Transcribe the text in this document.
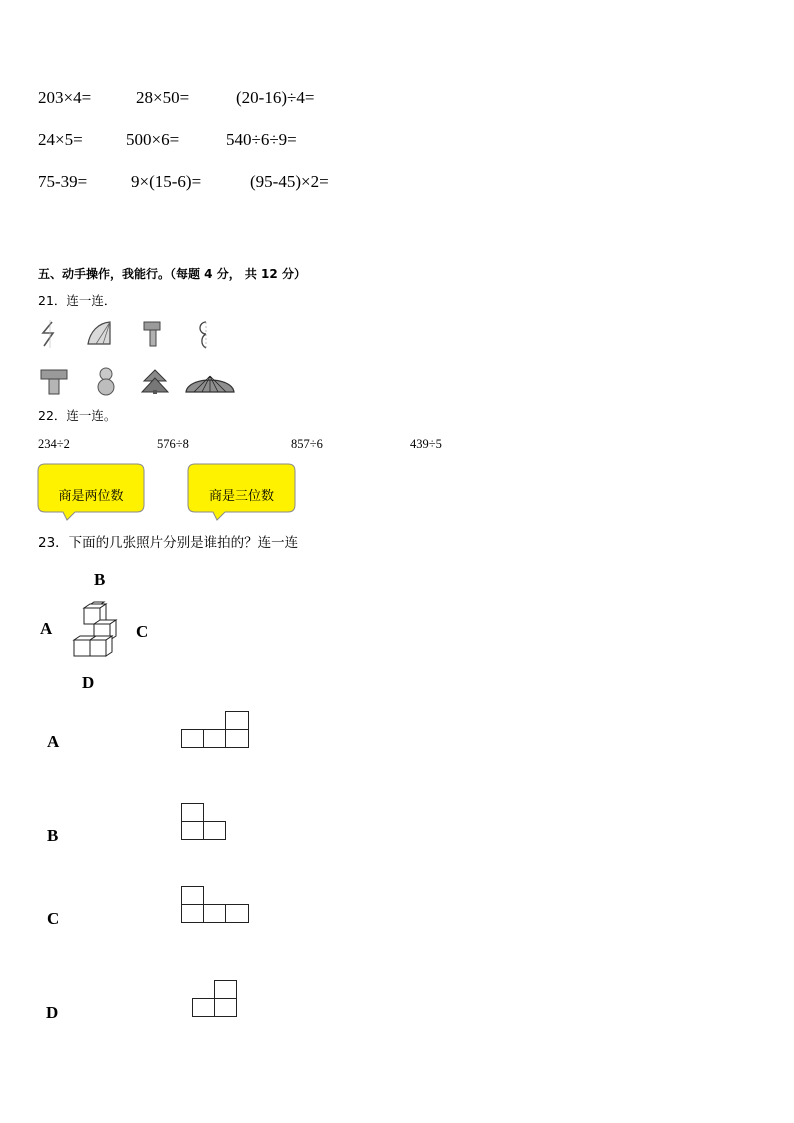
203×4=	28×50=	(20-16)÷4=
24×5=	500×6=	540÷6÷9=
75-39=	9×(15-6)=	(95-45)×2=
五、动手操作，我能行。（每题 4 分， 共 12 分）
21．连一连．
22．连一连。
234÷2	576÷8	857÷6	439÷5
商是两位数	商是三位数
23．下面的几张照片分别是谁拍的？连一连
B
A	C
D
A
B
C
D
